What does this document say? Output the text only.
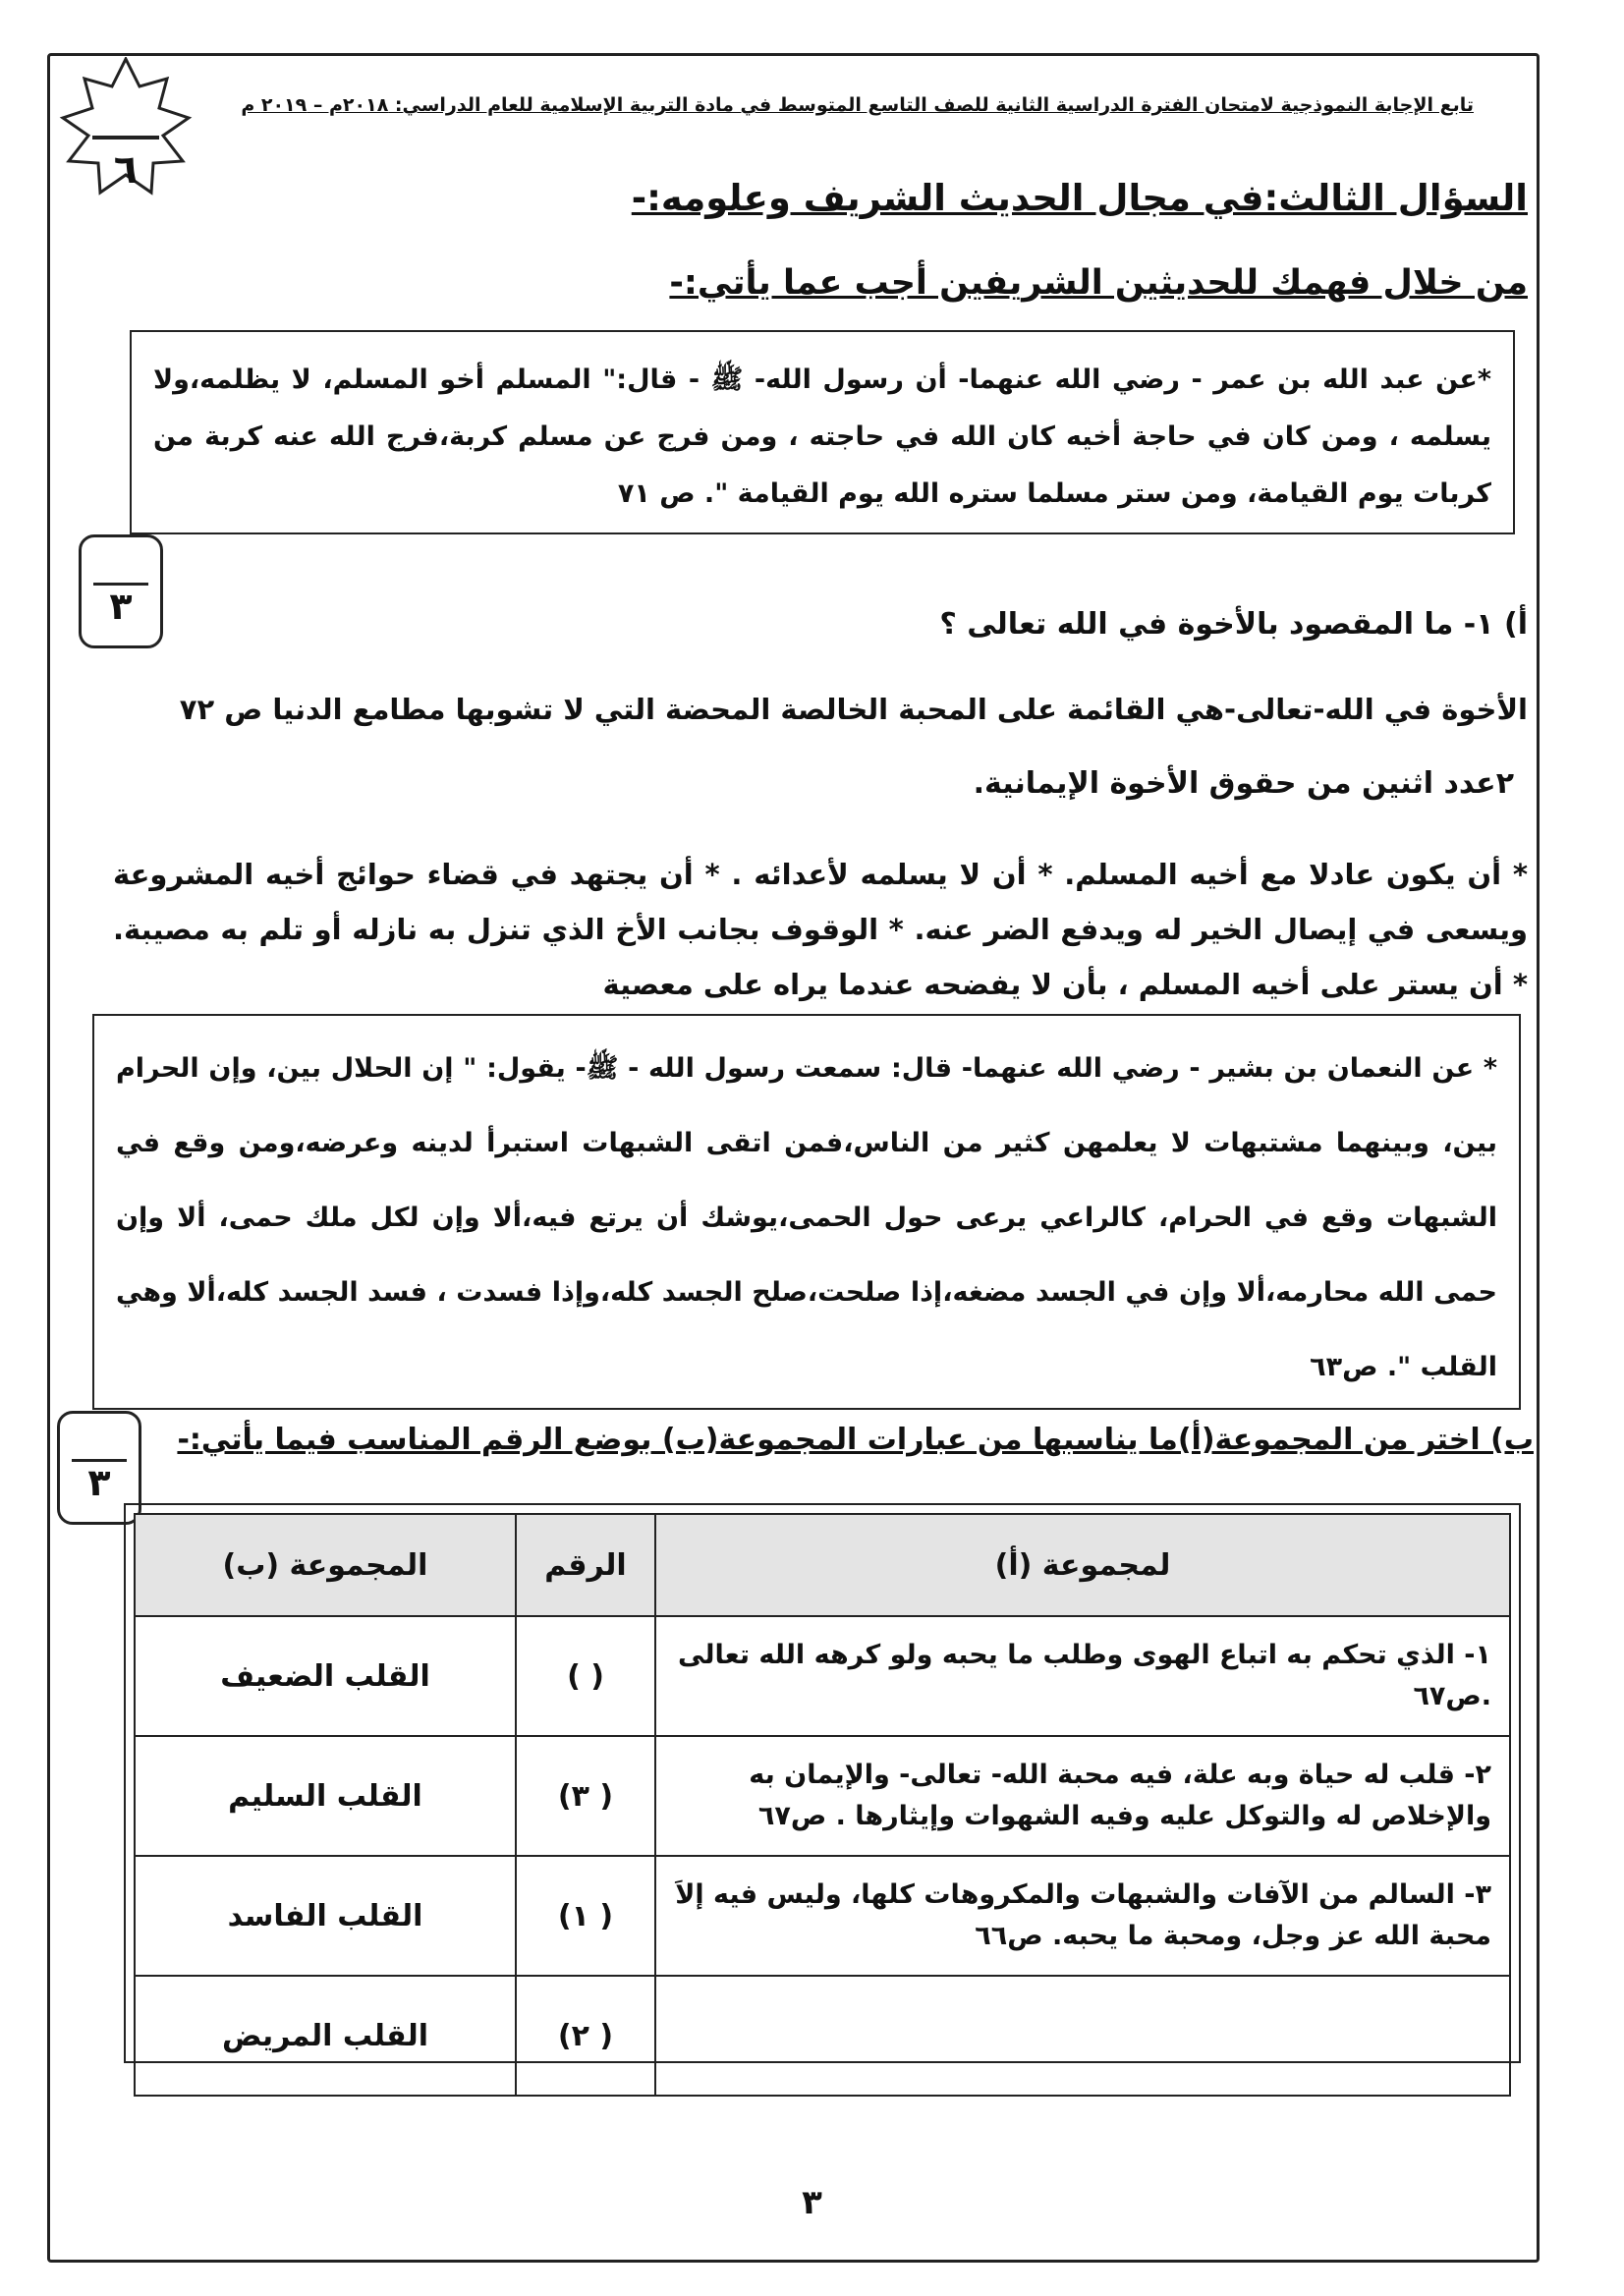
٦
تابع الإجابة النموذجية لامتحان الفترة الدراسية الثانية للصف التاسع المتوسط في مادة التربية الإسلامية للعام الدراسي: ٢٠١٨م – ٢٠١٩ م
السؤال الثالث:في مجال الحديث الشريف وعلومه:-
من خلال فهمك للحديثين الشريفين أجب عما يأتي:-
*عن عبد الله بن عمر - رضي الله عنهما- أن رسول الله- ﷺ - قال:" المسلم أخو المسلم، لا يظلمه،ولا يسلمه ، ومن كان في حاجة أخيه كان الله في حاجته ، ومن فرج عن مسلم كربة،فرج الله عنه كربة من كربات يوم القيامة، ومن ستر مسلما ستره الله يوم القيامة ". ص ٧١
٣	أ) ١- ما المقصود بالأخوة في الله تعالى ؟
الأخوة في الله-تعالى-هي القائمة على المحبة الخالصة المحضة التي لا تشوبها مطامع الدنيا ص ٧٢
٢عدد اثنين من حقوق الأخوة الإيمانية.
* أن يكون عادلا مع أخيه المسلم. * أن لا يسلمه لأعدائه . * أن يجتهد في قضاء حوائج أخيه المشروعة ويسعى في إيصال الخير له ويدفع الضر عنه. * الوقوف بجانب الأخ الذي تنزل به نازله أو تلم به مصيبة. * أن يستر على أخيه المسلم ، بأن لا يفضحه عندما يراه على معصية
* عن النعمان بن بشير - رضي الله عنهما- قال: سمعت رسول الله - ﷺ- يقول: " إن الحلال بين، وإن الحرام بين، وبينهما مشتبهات لا يعلمهن كثير من الناس،فمن اتقى الشبهات استبرأ لدينه وعرضه،ومن وقع في الشبهات وقع في الحرام، كالراعي يرعى حول الحمى،يوشك أن يرتع فيه،ألا وإن لكل ملك حمى، ألا وإن حمى الله محارمه،ألا وإن في الجسد مضغه،إذا صلحت،صلح الجسد كله،وإذا فسدت ، فسد الجسد كله،ألا وهي القلب ". ص٦٣
٣
ب) اختر من المجموعة(أ)ما يناسبها من عبارات المجموعة(ب) بوضع الرقم المناسب فيما يأتي:-
لمجموعة (أ)	الرقم	المجموعة (ب)
١- الذي تحكم به اتباع الهوى وطلب ما يحبه ولو كرهه الله تعالى .ص٦٧	( )	القلب الضعيف
٢- قلب له حياة وبه علة، فيه محبة الله- تعالى- والإيمان به والإخلاص له والتوكل عليه وفيه الشهوات وإيثارها . ص٦٧	( ٣)	القلب السليم
٣- السالم من الآفات والشبهات والمكروهات كلها، وليس فيه إلاَ محبة الله عز وجل، ومحبة ما يحبه. ص٦٦	( ١)	القلب الفاسد
	( ٢)	القلب المريض
٣
